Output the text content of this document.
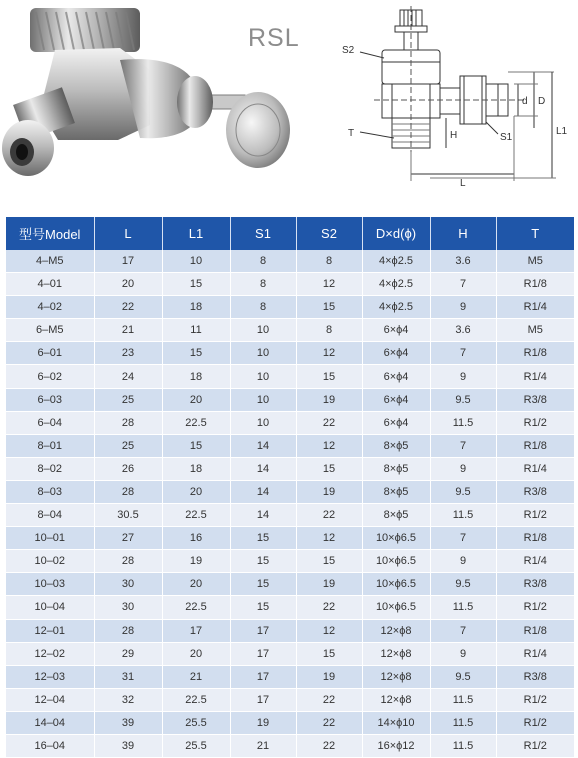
RSL	S2
T	H	S1
L
d D
L1
型号Model	L	L1	S1	S2	D×d(ϕ)	H	T
4–M5	17	10	8	8	4×ϕ2.5	3.6	M5
4–01	20	15	8	12	4×ϕ2.5	7	R1/8
4–02	22	18	8	15	4×ϕ2.5	9	R1/4
6–M5	21	11	10	8	6×ϕ4	3.6	M5
6–01	23	15	10	12	6×ϕ4	7	R1/8
6–02	24	18	10	15	6×ϕ4	9	R1/4
6–03	25	20	10	19	6×ϕ4	9.5	R3/8
6–04	28	22.5	10	22	6×ϕ4	11.5	R1/2
8–01	25	15	14	12	8×ϕ5	7	R1/8
8–02	26	18	14	15	8×ϕ5	9	R1/4
8–03	28	20	14	19	8×ϕ5	9.5	R3/8
8–04	30.5	22.5	14	22	8×ϕ5	11.5	R1/2
10–01	27	16	15	12	10×ϕ6.5	7	R1/8
10–02	28	19	15	15	10×ϕ6.5	9	R1/4
10–03	30	20	15	19	10×ϕ6.5	9.5	R3/8
10–04	30	22.5	15	22	10×ϕ6.5	11.5	R1/2
12–01	28	17	17	12	12×ϕ8	7	R1/8
12–02	29	20	17	15	12×ϕ8	9	R1/4
12–03	31	21	17	19	12×ϕ8	9.5	R3/8
12–04	32	22.5	17	22	12×ϕ8	11.5	R1/2
14–04	39	25.5	19	22	14×ϕ10	11.5	R1/2
16–04	39	25.5	21	22	16×ϕ12	11.5	R1/2
